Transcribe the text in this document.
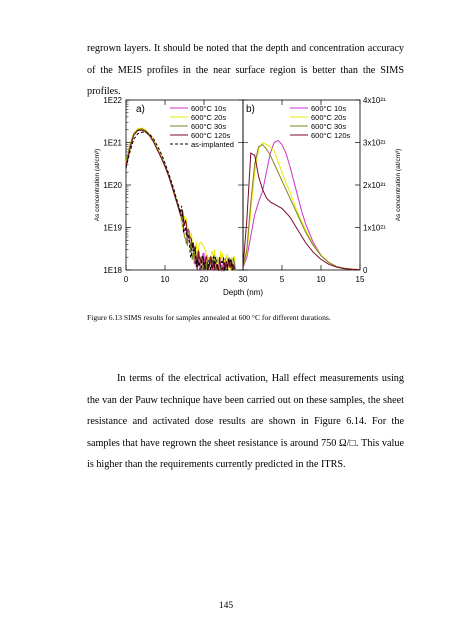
regrown layers. It should be noted that the depth and concentration accuracy of the MEIS profiles in the near surface region is better than the SIMS profiles.

1E18
1E19
1E20
1E21
1E22
0
1x10²¹
2x10²¹
3x10²¹
4x10²¹
0	10	20	30	5	10	15
Depth (nm)
As concentration (at/cm³)	As concentration (at/cm³)
a)	b)
600°C 10s
600°C 20s
600°C 30s
600°C 120s
as-implanted
600°C 10s
600°C 20s
600°C 30s
600°C 120s

Figure 6.13 SIMS results for samples annealed at 600 °C for different durations.

In terms of the electrical activation, Hall effect measurements using the van der Pauw technique have been carried out on these samples, the sheet resistance and activated dose results are shown in Figure 6.14. For the samples that have regrown the sheet resistance is around 750 Ω/□. This value is higher than the requirements currently predicted in the ITRS.

145
